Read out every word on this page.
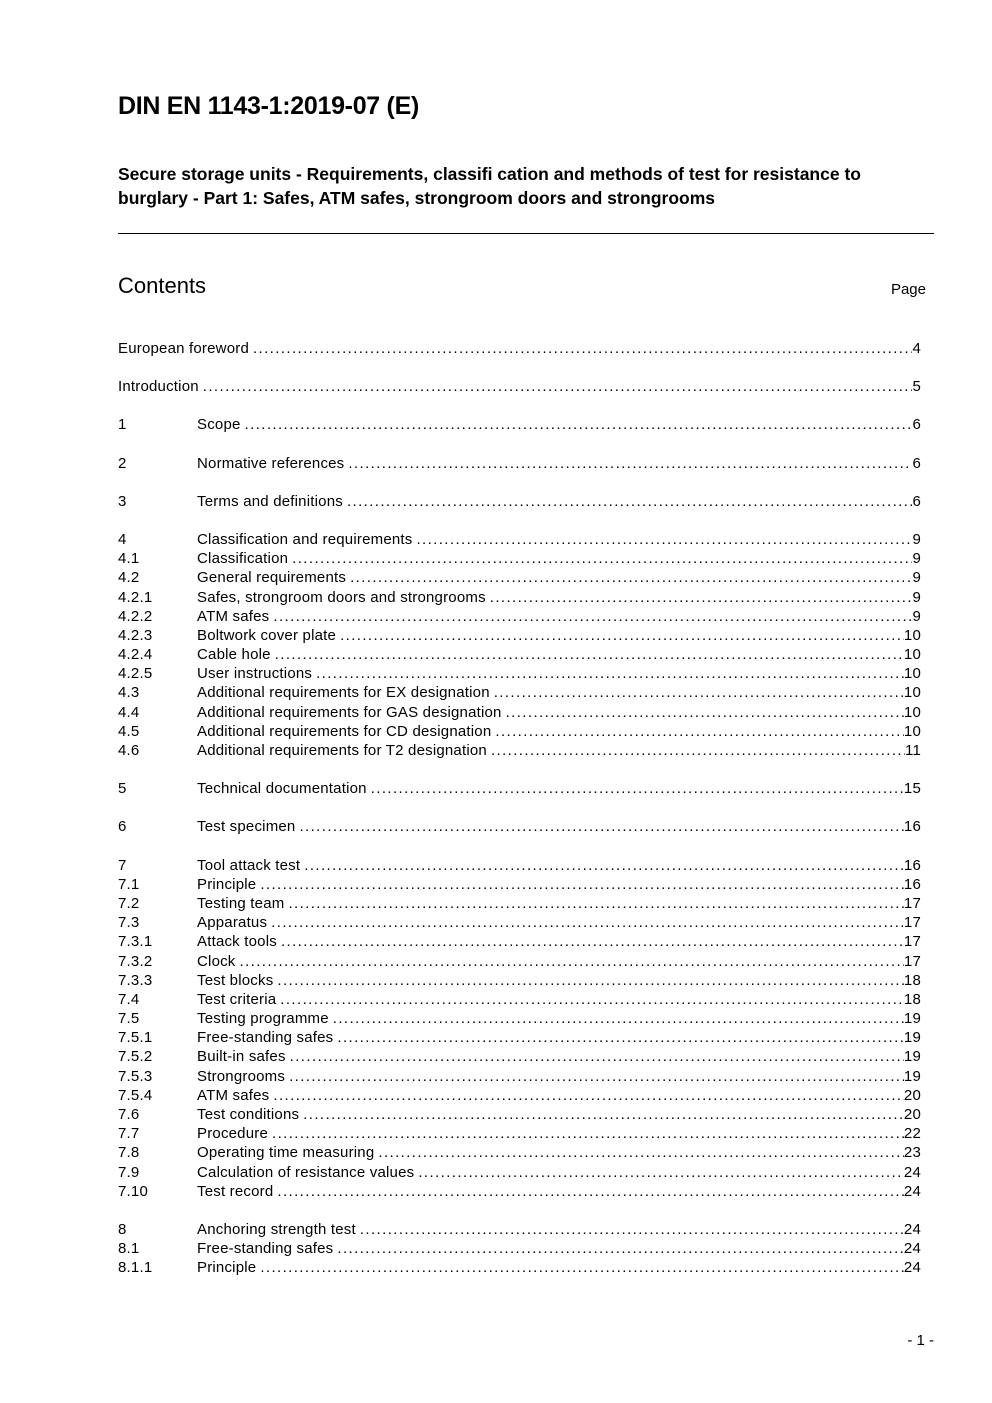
DIN EN 1143-1:2019-07 (E)
Secure storage units - Requirements, classifi cation and methods of test for resistance to burglary - Part 1: Safes, ATM safes, strongroom doors and strongrooms
Contents	Page
European foreword .....	4
Introduction .....	5
1	Scope .....	6
2	Normative references .....	6
3	Terms and definitions .....	6
4	Classification and requirements .....	9
4.1	Classification .....	9
4.2	General requirements .....	9
4.2.1	Safes, strongroom doors and strongrooms .....	9
4.2.2	ATM safes .....	9
4.2.3	Boltwork cover plate .....	10
4.2.4	Cable hole .....	10
4.2.5	User instructions .....	10
4.3	Additional requirements for EX designation .....	10
4.4	Additional requirements for GAS designation .....	10
4.5	Additional requirements for CD designation .....	10
4.6	Additional requirements for T2 designation .....	11
5	Technical documentation .....	15
6	Test specimen .....	16
7	Tool attack test .....	16
7.1	Principle .....	16
7.2	Testing team .....	17
7.3	Apparatus .....	17
7.3.1	Attack tools .....	17
7.3.2	Clock .....	17
7.3.3	Test blocks .....	18
7.4	Test criteria .....	18
7.5	Testing programme .....	19
7.5.1	Free-standing safes .....	19
7.5.2	Built-in safes .....	19
7.5.3	Strongrooms .....	19
7.5.4	ATM safes .....	20
7.6	Test conditions .....	20
7.7	Procedure .....	22
7.8	Operating time measuring .....	23
7.9	Calculation of resistance values .....	24
7.10	Test record .....	24
8	Anchoring strength test .....	24
8.1	Free-standing safes .....	24
8.1.1	Principle .....	24
- 1 -
